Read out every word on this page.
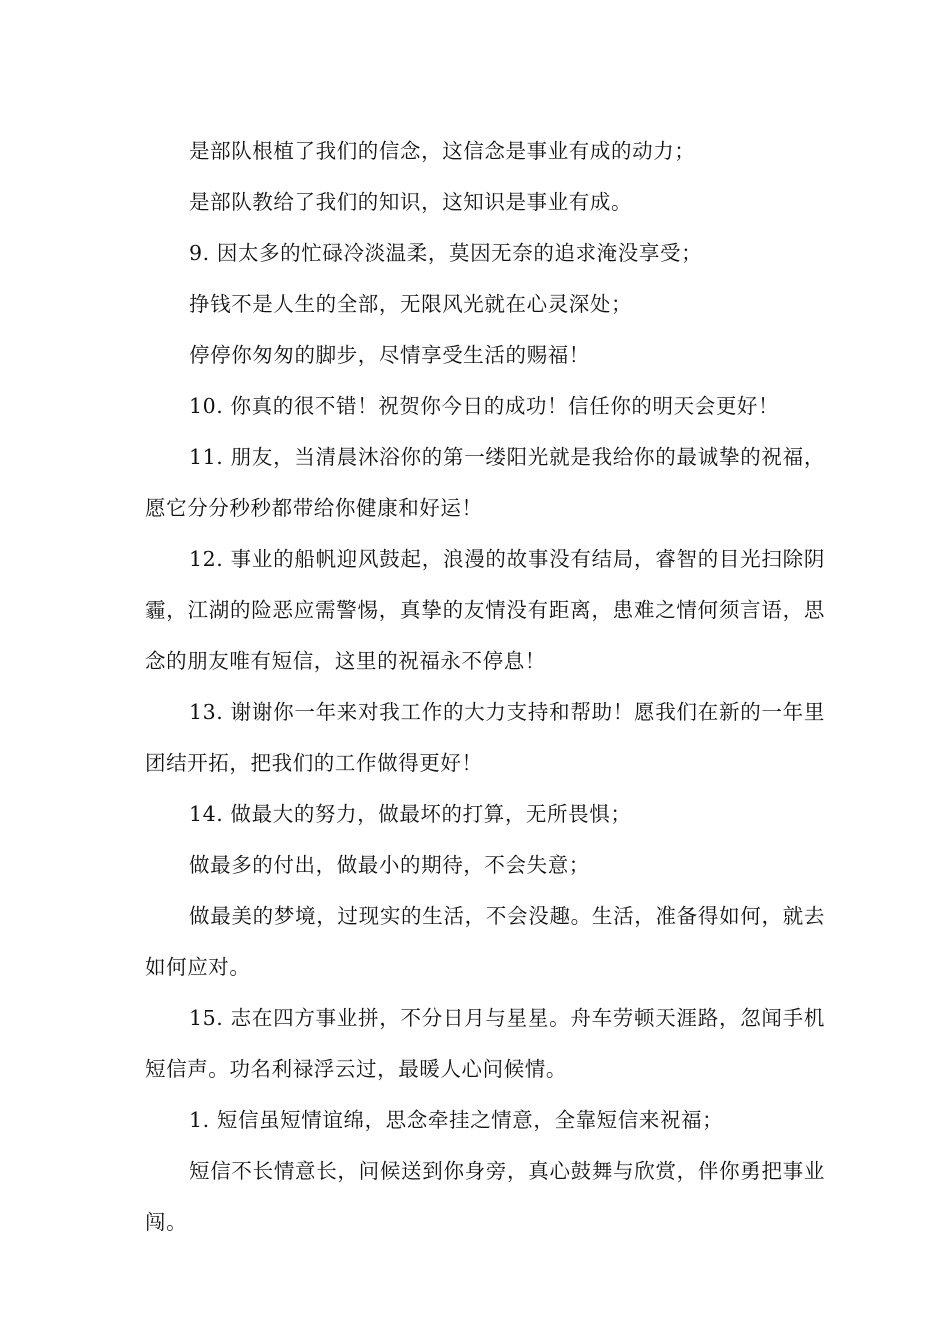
是部队根植了我们的信念，这信念是事业有成的动力；

是部队教给了我们的知识，这知识是事业有成。

9. 因太多的忙碌冷淡温柔，莫因无奈的追求淹没享受；

挣钱不是人生的全部，无限风光就在心灵深处；

停停你匆匆的脚步，尽情享受生活的赐福！

10. 你真的很不错！祝贺你今日的成功！信任你的明天会更好！

11. 朋友，当清晨沐浴你的第一缕阳光就是我给你的最诚挚的祝福，愿它分分秒秒都带给你健康和好运！

12. 事业的船帆迎风鼓起，浪漫的故事没有结局，睿智的目光扫除阴霾，江湖的险恶应需警惕，真挚的友情没有距离，患难之情何须言语，思念的朋友唯有短信，这里的祝福永不停息！

13. 谢谢你一年来对我工作的大力支持和帮助！愿我们在新的一年里团结开拓，把我们的工作做得更好！

14. 做最大的努力，做最坏的打算，无所畏惧；

做最多的付出，做最小的期待，不会失意；

做最美的梦境，过现实的生活，不会没趣。生活，准备得如何，就去如何应对。

15. 志在四方事业拼，不分日月与星星。舟车劳顿天涯路，忽闻手机短信声。功名利禄浮云过，最暖人心问候情。

1. 短信虽短情谊绵，思念牵挂之情意，全靠短信来祝福；

短信不长情意长，问候送到你身旁，真心鼓舞与欣赏，伴你勇把事业闯。
